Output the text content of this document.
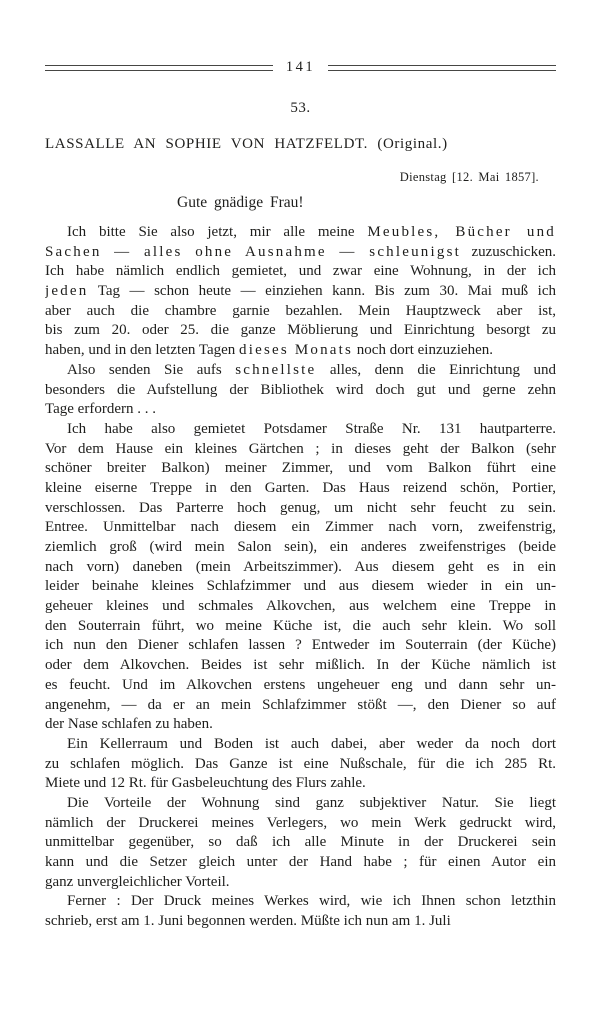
141
53.
LASSALLE AN SOPHIE VON HATZFELDT. (Original.)
Dienstag [12. Mai 1857].
Gute gnädige Frau!
Ich bitte Sie also jetzt, mir alle meine Meubles, Bücher und
Sachen — alles ohne Ausnahme — schleunigst zuzuschicken.
Ich habe nämlich endlich gemietet, und zwar eine Wohnung, in der ich
jeden Tag — schon heute — einziehen kann. Bis zum 30. Mai muß ich
aber auch die chambre garnie bezahlen. Mein Hauptzweck aber ist,
bis zum 20. oder 25. die ganze Möblierung und Einrichtung besorgt zu
haben, und in den letzten Tagen dieses Monats noch dort einzuziehen.
Also senden Sie aufs schnellste alles, denn die Einrichtung und
besonders die Aufstellung der Bibliothek wird doch gut und gerne zehn
Tage erfordern . . .
Ich habe also gemietet Potsdamer Straße Nr. 131 hautparterre.
Vor dem Hause ein kleines Gärtchen ; in dieses geht der Balkon (sehr
schöner breiter Balkon) meiner Zimmer, und vom Balkon führt eine
kleine eiserne Treppe in den Garten. Das Haus reizend schön, Portier,
verschlossen. Das Parterre hoch genug, um nicht sehr feucht zu sein.
Entree. Unmittelbar nach diesem ein Zimmer nach vorn, zweifenstrig,
ziemlich groß (wird mein Salon sein), ein anderes zweifenstriges (beide
nach vorn) daneben (mein Arbeitszimmer). Aus diesem geht es in ein
leider beinahe kleines Schlafzimmer und aus diesem wieder in ein un-
geheuer kleines und schmales Alkovchen, aus welchem eine Treppe in
den Souterrain führt, wo meine Küche ist, die auch sehr klein. Wo soll
ich nun den Diener schlafen lassen ? Entweder im Souterrain (der Küche)
oder dem Alkovchen. Beides ist sehr mißlich. In der Küche nämlich ist
es feucht. Und im Alkovchen erstens ungeheuer eng und dann sehr un-
angenehm, — da er an mein Schlafzimmer stößt —, den Diener so auf
der Nase schlafen zu haben.
Ein Kellerraum und Boden ist auch dabei, aber weder da noch dort
zu schlafen möglich. Das Ganze ist eine Nußschale, für die ich 285 Rt.
Miete und 12 Rt. für Gasbeleuchtung des Flurs zahle.
Die Vorteile der Wohnung sind ganz subjektiver Natur. Sie liegt
nämlich der Druckerei meines Verlegers, wo mein Werk gedruckt wird,
unmittelbar gegenüber, so daß ich alle Minute in der Druckerei sein
kann und die Setzer gleich unter der Hand habe ; für einen Autor ein
ganz unvergleichlicher Vorteil.
Ferner : Der Druck meines Werkes wird, wie ich Ihnen schon letzthin
schrieb, erst am 1. Juni begonnen werden. Müßte ich nun am 1. Juli
